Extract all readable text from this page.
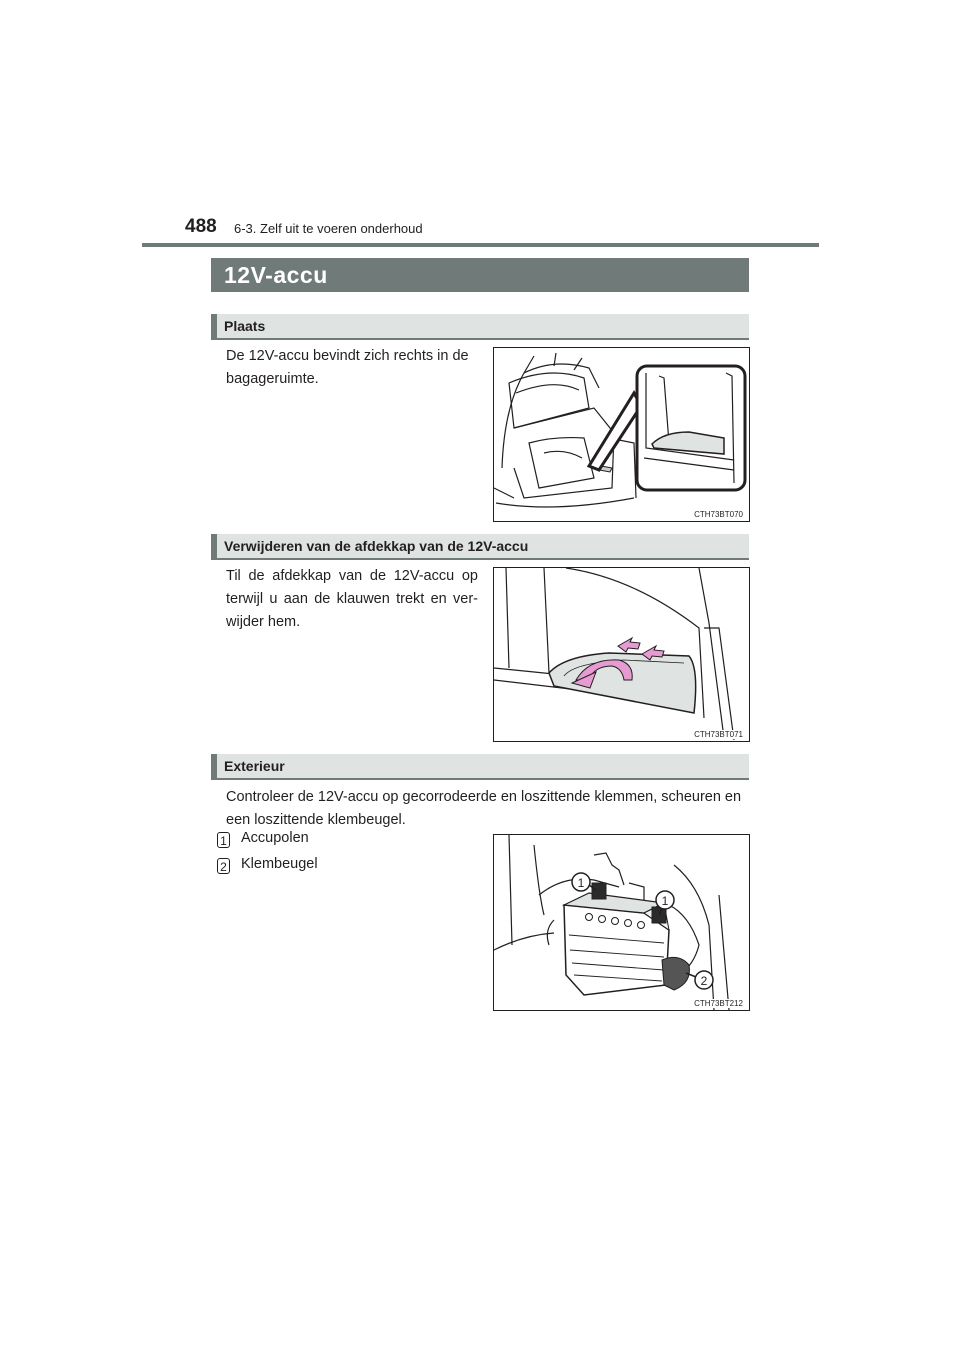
488 6-3. Zelf uit te voeren onderhoud
12V-accu
Plaats
De 12V-accu bevindt zich rechts in de bagageruimte.
CTH73BT070
Verwijderen van de afdekkap van de 12V-accu
Til de afdekkap van de 12V-accu op terwijl u aan de klauwen trekt en ver-wijder hem.
CTH73BT071
Exterieur
Controleer de 12V-accu op gecorrodeerde en loszittende klemmen, scheuren en een loszittende klembeugel.
1 Accupolen
2 Klembeugel
1
1
2
CTH73BT212
